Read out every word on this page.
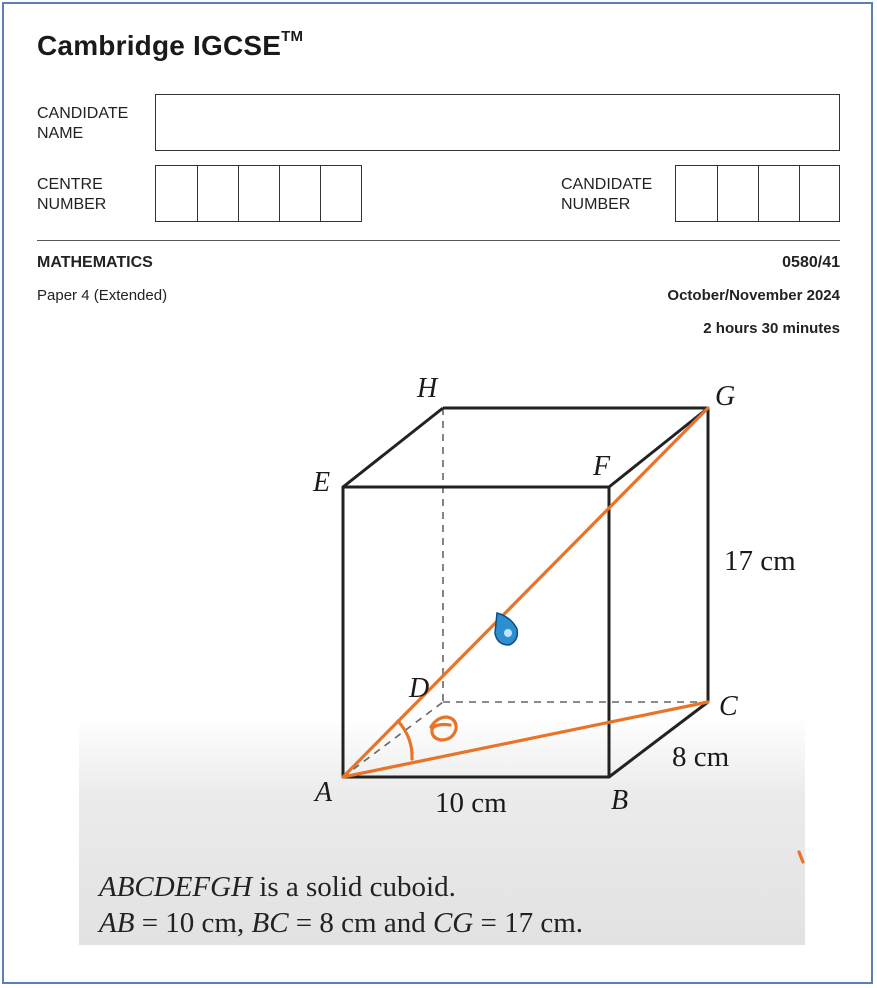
Cambridge IGCSE™
CANDIDATE
NAME
CENTRE
NUMBER
CANDIDATE
NUMBER
MATHEMATICS	0580/41
Paper 4 (Extended)	October/November 2024
2 hours 30 minutes
H	G
E
F
D
C
A	B
17 cm
8 cm
10 cm
ABCDEFGH is a solid cuboid.
AB = 10 cm, BC = 8 cm and CG = 17 cm.
